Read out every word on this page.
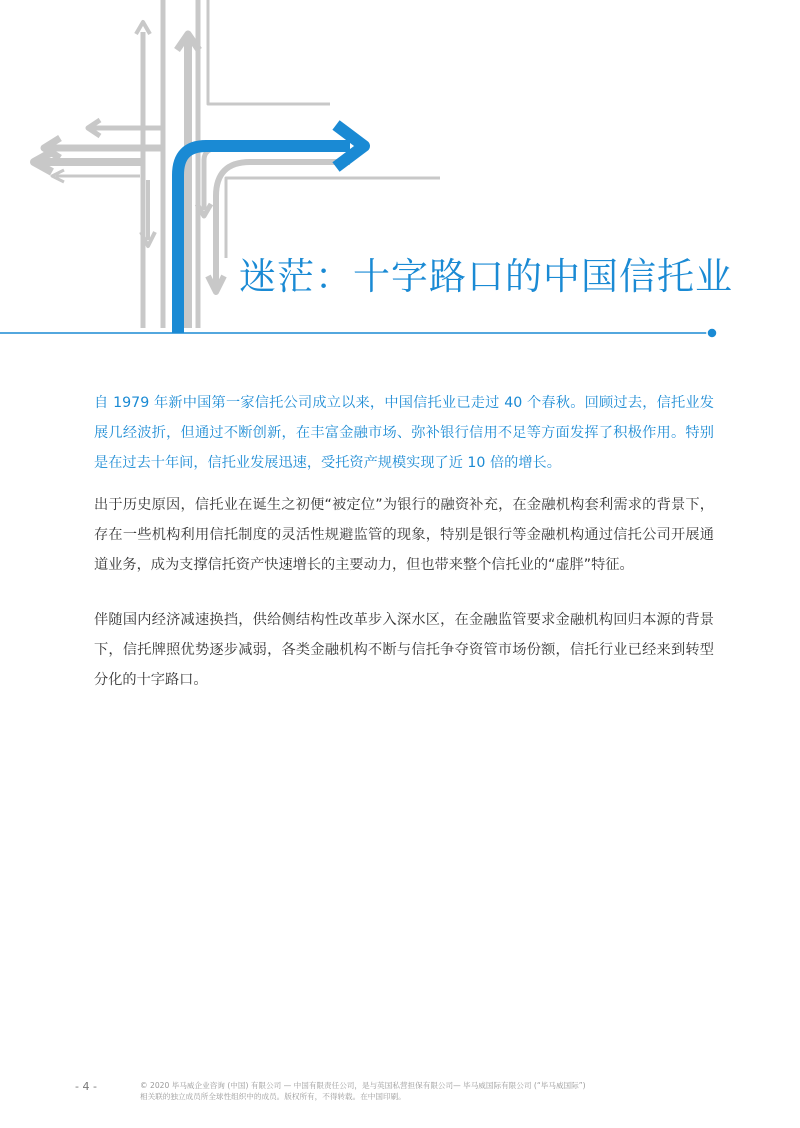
迷茫：十字路口的中国信托业

自 1979 年新中国第一家信托公司成立以来，中国信托业已走过 40 个春秋。回顾过去，信托业发展几经波折，但通过不断创新，在丰富金融市场、弥补银行信用不足等方面发挥了积极作用。特别是在过去十年间，信托业发展迅速，受托资产规模实现了近 10 倍的增长。

出于历史原因，信托业在诞生之初便“被定位”为银行的融资补充，在金融机构套利需求的背景下，存在一些机构利用信托制度的灵活性规避监管的现象，特别是银行等金融机构通过信托公司开展通道业务，成为支撑信托资产快速增长的主要动力，但也带来整个信托业的“虚胖”特征。

伴随国内经济减速换挡，供给侧结构性改革步入深水区，在金融监管要求金融机构回归本源的背景下，信托牌照优势逐步减弱，各类金融机构不断与信托争夺资管市场份额，信托行业已经来到转型分化的十字路口。

- 4 -	© 2020 毕马威企业咨询 (中国) 有限公司 — 中国有限责任公司，是与英国私营担保有限公司— 毕马威国际有限公司 (“毕马威国际”)
相关联的独立成员所全球性组织中的成员。版权所有，不得转载。在中国印刷。
